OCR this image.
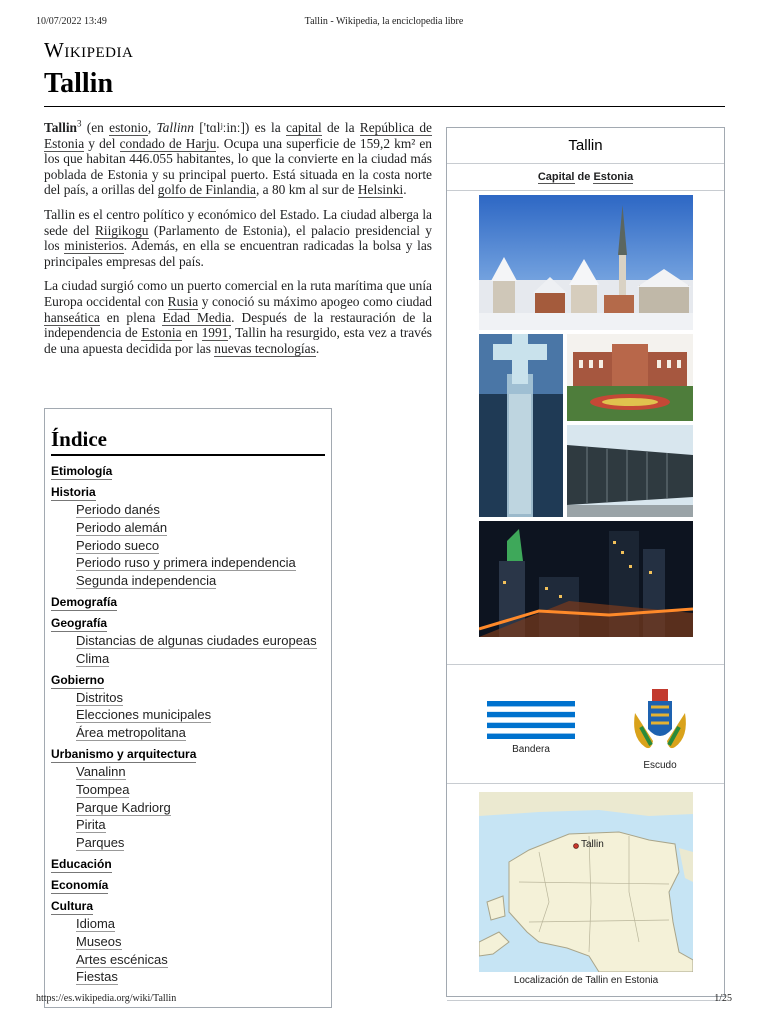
10/07/2022 13:49	Tallin - Wikipedia, la enciclopedia libre
Wikipedia
Tallin

Tallin$^3$ (en estonio, Tallinn ['tɑlʲːinː]) es la capital de la República de Estonia y del condado de Harju. Ocupa una superficie de 159,2 km² en los que habitan 446.055 habitantes, lo que la convierte en la ciudad más poblada de Estonia y su principal puerto. Está situada en la costa norte del país, a orillas del golfo de Finlandia, a 80 km al sur de Helsinki.

Tallin es el centro político y económico del Estado. La ciudad alberga la sede del Riigikogu (Parlamento de Estonia), el palacio presidencial y los ministerios. Además, en ella se encuentran radicadas la bolsa y las principales empresas del país.

La ciudad surgió como un puerto comercial en la ruta marítima que unía Europa occidental con Rusia y conoció su máximo apogeo como ciudad hanseática en plena Edad Media. Después de la restauración de la independencia de Estonia en 1991, Tallin ha resurgido, esta vez a través de una apuesta decidida por las nuevas tecnologías.

Índice
Etimología
Historia
Periodo danés
Periodo alemán
Periodo sueco
Periodo ruso y primera independencia
Segunda independencia
Demografía
Geografía
Distancias de algunas ciudades europeas
Clima
Gobierno
Distritos
Elecciones municipales
Área metropolitana
Urbanismo y arquitectura
Vanalinn
Toompea
Parque Kadriorg
Pirita
Parques
Educación
Economía
Cultura
Idioma
Museos
Artes escénicas
Fiestas
Tallin
Capital de Estonia
Bandera
Escudo
Tallin
Localización de Tallin en Estonia
https://es.wikipedia.org/wiki/Tallin	1/25
